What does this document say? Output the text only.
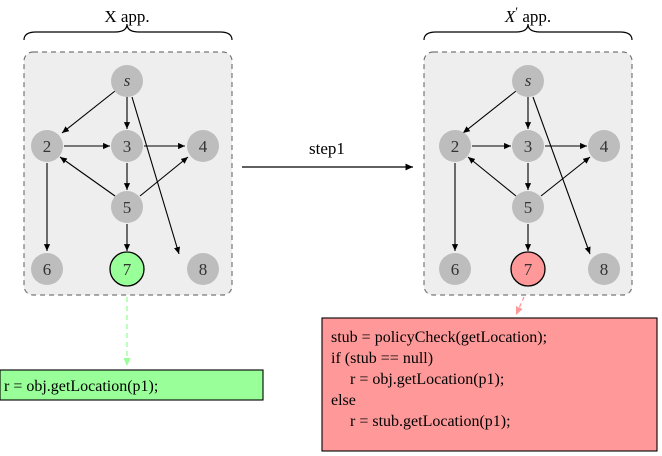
X app.
s
2	3	4
5
6	7	8
r = obj.getLocation(p1);
step1
X′ app.
s
2	3	4
5
6	7	8
stub = policyCheck(getLocation);
if (stub == null)
r = obj.getLocation(p1);
else
r = stub.getLocation(p1);
